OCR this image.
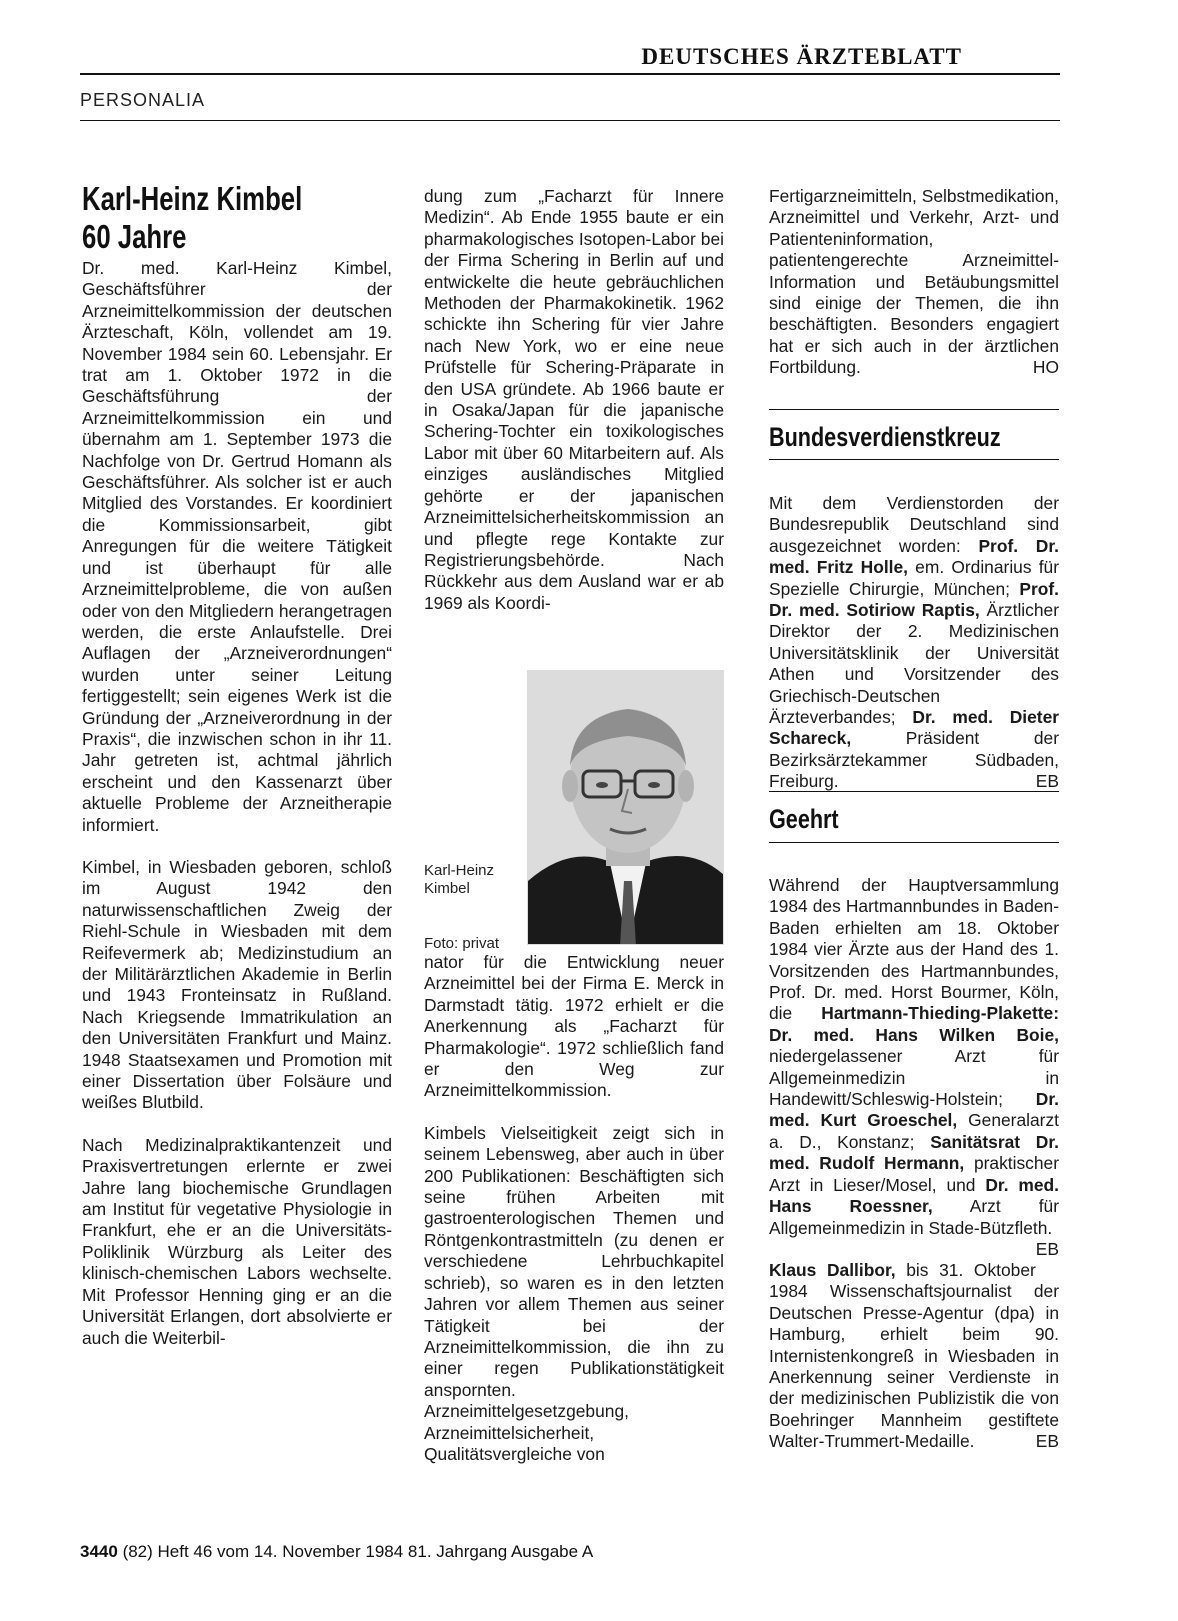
DEUTSCHES ÄRZTEBLATT
PERSONALIA
Karl-Heinz Kimbel
60 Jahre

Dr. med. Karl-Heinz Kimbel, Geschäftsführer der Arzneimittelkommission der deutschen Ärzteschaft, Köln, vollendet am 19. November 1984 sein 60. Lebensjahr. Er trat am 1. Oktober 1972 in die Geschäftsführung der Arzneimittelkommission ein und übernahm am 1. September 1973 die Nachfolge von Dr. Gertrud Homann als Geschäftsführer. Als solcher ist er auch Mitglied des Vorstandes. Er koordiniert die Kommissionsarbeit, gibt Anregungen für die weitere Tätigkeit und ist überhaupt für alle Arzneimittelprobleme, die von außen oder von den Mitgliedern herangetragen werden, die erste Anlaufstelle. Drei Auflagen der „Arzneiverordnungen“ wurden unter seiner Leitung fertiggestellt; sein eigenes Werk ist die Gründung der „Arzneiverordnung in der Praxis“, die inzwischen schon in ihr 11. Jahr getreten ist, achtmal jährlich erscheint und den Kassenarzt über aktuelle Probleme der Arzneitherapie informiert.

Kimbel, in Wiesbaden geboren, schloß im August 1942 den naturwissenschaftlichen Zweig der Riehl-Schule in Wiesbaden mit dem Reifevermerk ab; Medizinstudium an der Militärärztlichen Akademie in Berlin und 1943 Fronteinsatz in Rußland. Nach Kriegsende Immatrikulation an den Universitäten Frankfurt und Mainz. 1948 Staatsexamen und Promotion mit einer Dissertation über Folsäure und weißes Blutbild.

Nach Medizinalpraktikantenzeit und Praxisvertretungen erlernte er zwei Jahre lang biochemische Grundlagen am Institut für vegetative Physiologie in Frankfurt, ehe er an die Universitäts-Poliklinik Würzburg als Leiter des klinisch-chemischen Labors wechselte. Mit Professor Henning ging er an die Universität Erlangen, dort absolvierte er auch die Weiterbil-

dung zum „Facharzt für Innere Medizin“. Ab Ende 1955 baute er ein pharmakologisches Isotopen-Labor bei der Firma Schering in Berlin auf und entwickelte die heute gebräuchlichen Methoden der Pharmakokinetik. 1962 schickte ihn Schering für vier Jahre nach New York, wo er eine neue Prüfstelle für Schering-Präparate in den USA gründete. Ab 1966 baute er in Osaka/Japan für die japanische Schering-Tochter ein toxikologisches Labor mit über 60 Mitarbeitern auf. Als einziges ausländisches Mitglied gehörte er der japanischen Arzneimittelsicherheitskommission an und pflegte rege Kontakte zur Registrierungsbehörde. Nach Rückkehr aus dem Ausland war er ab 1969 als Koordi-

Karl-Heinz Kimbel
Foto: privat

nator für die Entwicklung neuer Arzneimittel bei der Firma E. Merck in Darmstadt tätig. 1972 erhielt er die Anerkennung als „Facharzt für Pharmakologie“. 1972 schließlich fand er den Weg zur Arzneimittelkommission.

Kimbels Vielseitigkeit zeigt sich in seinem Lebensweg, aber auch in über 200 Publikationen: Beschäftigten sich seine frühen Arbeiten mit gastroenterologischen Themen und Röntgenkontrastmitteln (zu denen er verschiedene Lehrbuchkapitel schrieb), so waren es in den letzten Jahren vor allem Themen aus seiner Tätigkeit bei der Arzneimittelkommission, die ihn zu einer regen Publikationstätigkeit anspornten. Arzneimittelgesetzgebung, Arzneimittelsicherheit, Qualitätsvergleiche von

Fertigarzneimitteln, Selbstmedikation, Arzneimittel und Verkehr, Arzt- und Patienteninformation, patientengerechte Arzneimittel-Information und Betäubungsmittel sind einige der Themen, die ihn beschäftigten. Besonders engagiert hat er sich auch in der ärztlichen Fortbildung.	HO

Bundesverdienstkreuz

Mit dem Verdienstorden der Bundesrepublik Deutschland sind ausgezeichnet worden: Prof. Dr. med. Fritz Holle, em. Ordinarius für Spezielle Chirurgie, München; Prof. Dr. med. Sotiriow Raptis, Ärztlicher Direktor der 2. Medizinischen Universitätsklinik der Universität Athen und Vorsitzender des Griechisch-Deutschen Ärzteverbandes; Dr. med. Dieter Schareck, Präsident der Bezirksärztekammer Südbaden, Freiburg.	EB

Geehrt

Während der Hauptversammlung 1984 des Hartmannbundes in Baden-Baden erhielten am 18. Oktober 1984 vier Ärzte aus der Hand des 1. Vorsitzenden des Hartmannbundes, Prof. Dr. med. Horst Bourmer, Köln, die Hartmann-Thieding-Plakette: Dr. med. Hans Wilken Boie, niedergelassener Arzt für Allgemeinmedizin in Handewitt/Schleswig-Holstein; Dr. med. Kurt Groeschel, Generalarzt a. D., Konstanz; Sanitätsrat Dr. med. Rudolf Hermann, praktischer Arzt in Lieser/Mosel, und Dr. med. Hans Roessner, Arzt für Allgemeinmedizin in Stade-Bützfleth.
EB

Klaus Dallibor, bis 31. Oktober 1984 Wissenschaftsjournalist der Deutschen Presse-Agentur (dpa) in Hamburg, erhielt beim 90. Internistenkongreß in Wiesbaden in Anerkennung seiner Verdienste in der medizinischen Publizistik die von Boehringer Mannheim gestiftete Walter-Trummert-Medaille.	EB

3440 (82) Heft 46 vom 14. November 1984 81. Jahrgang Ausgabe A
